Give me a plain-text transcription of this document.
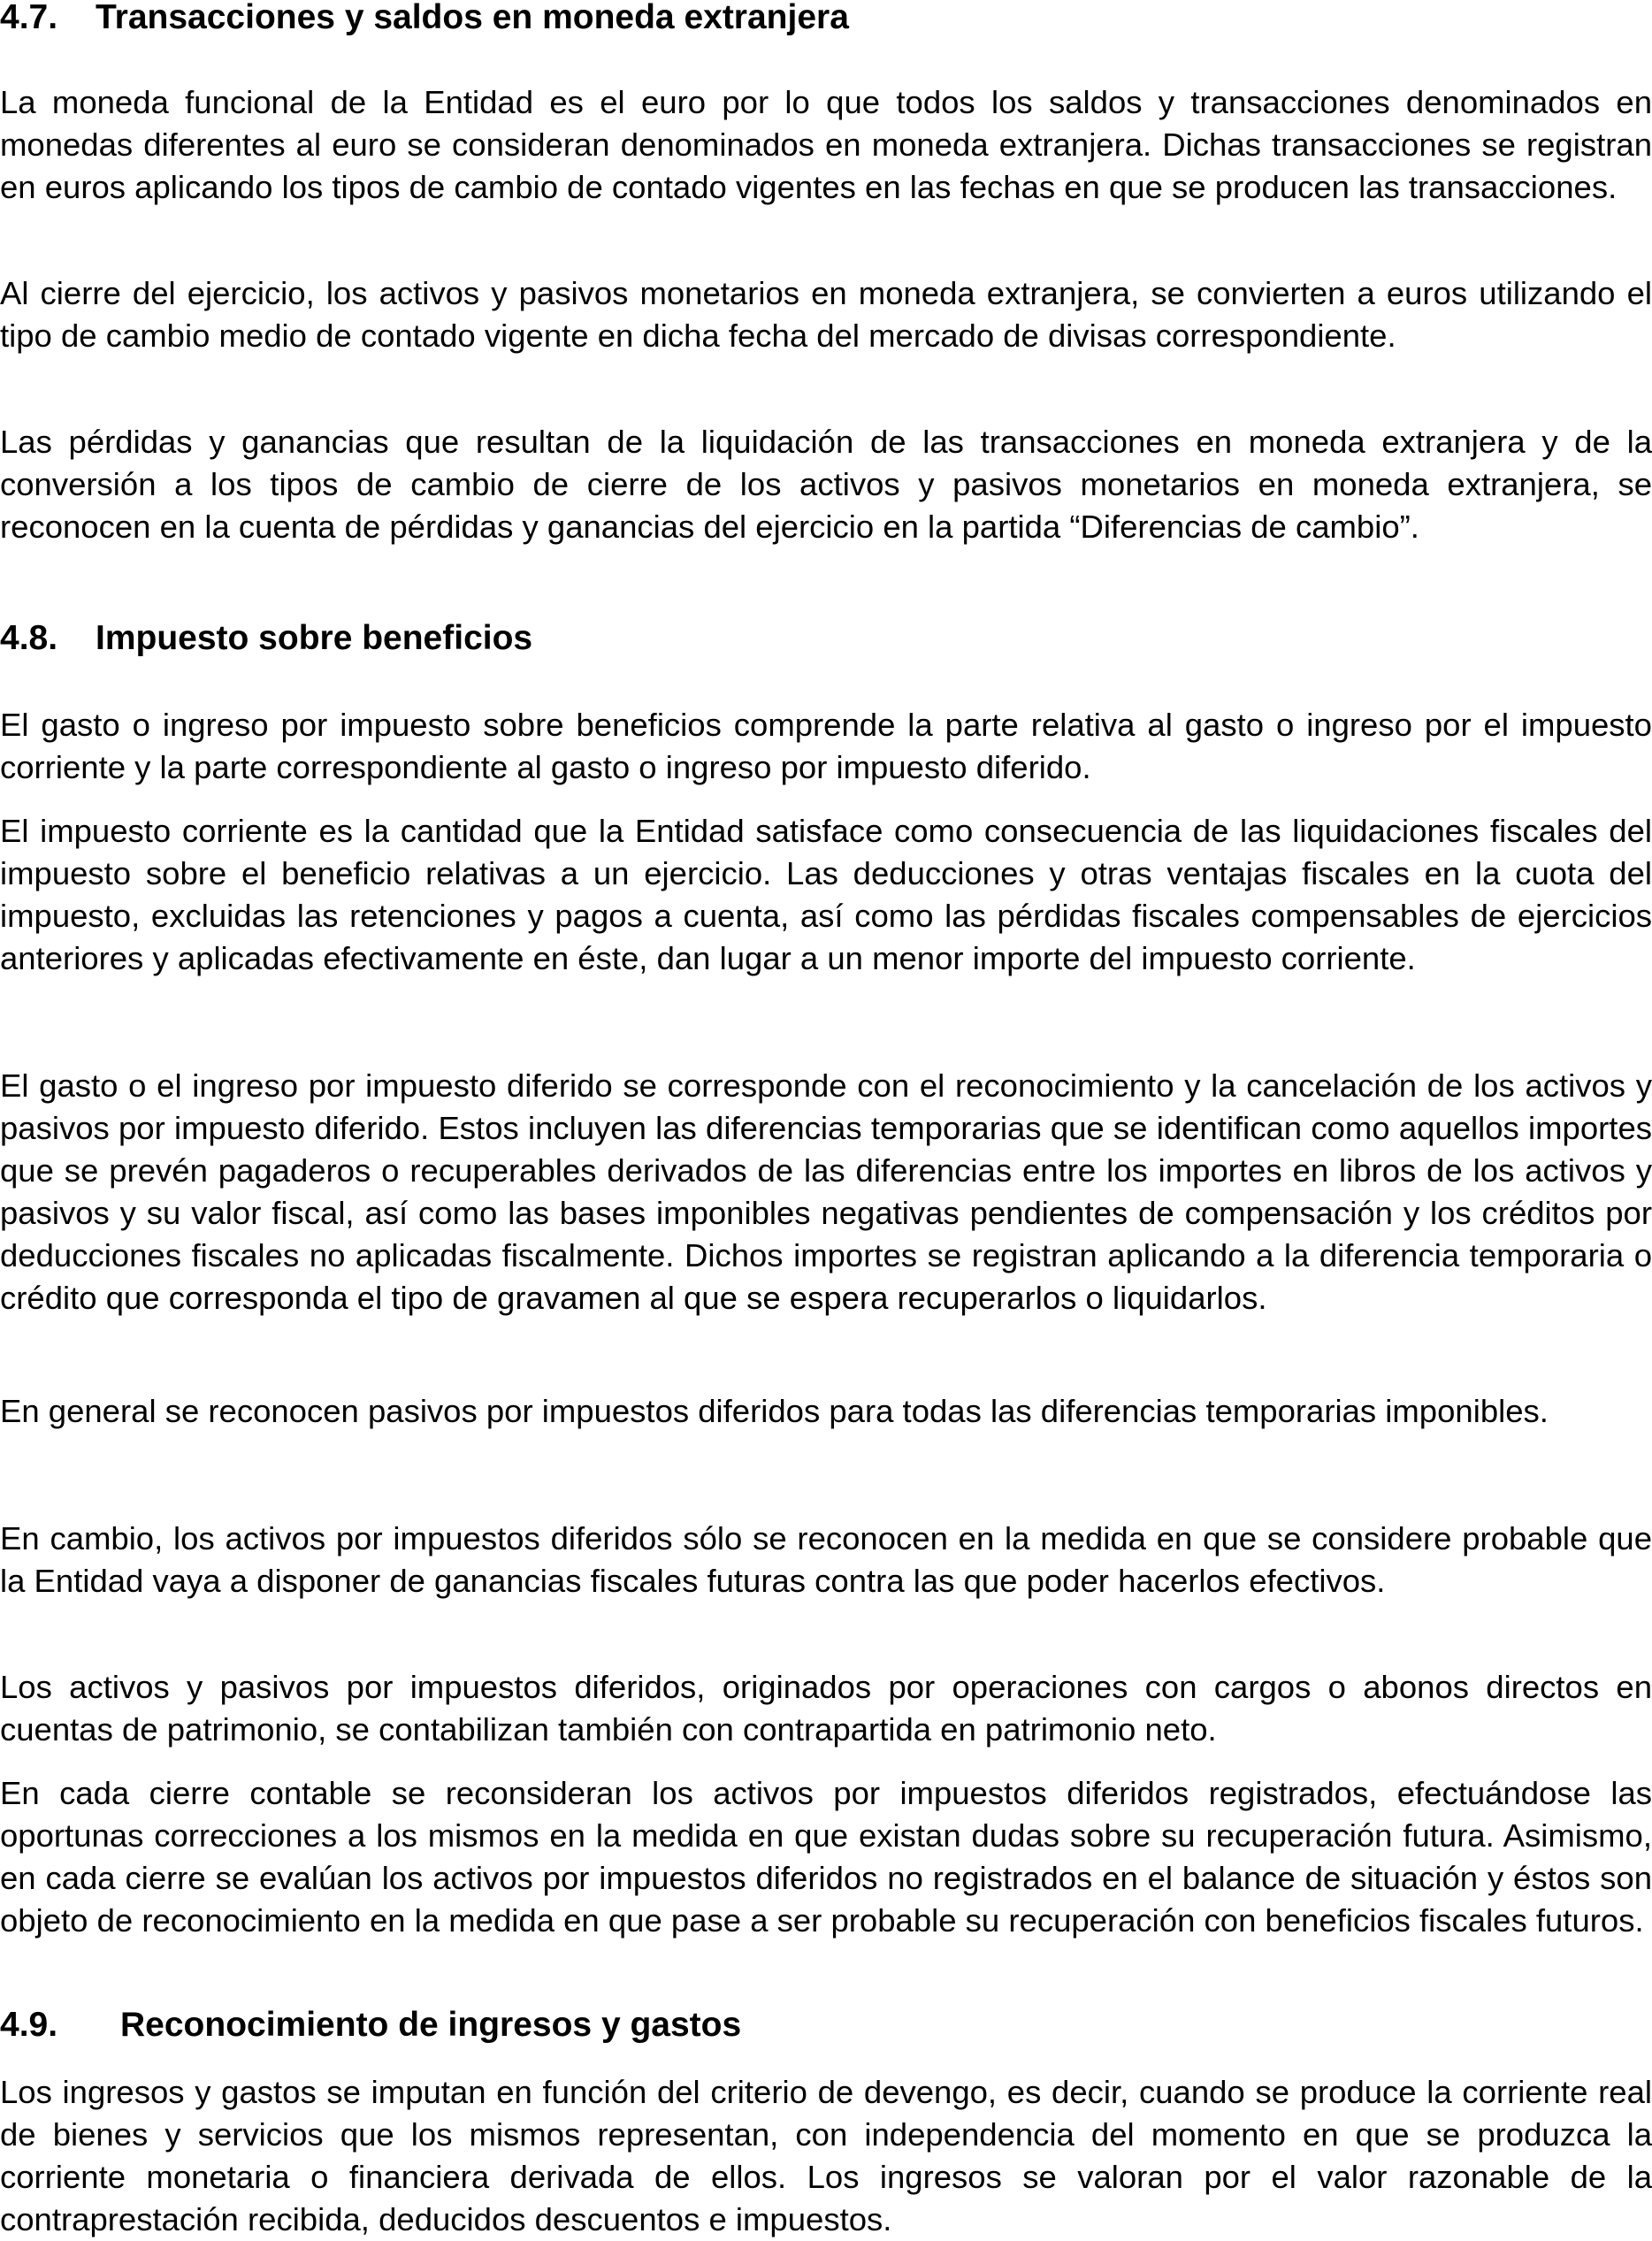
4.7. Transacciones y saldos en moneda extranjera

La moneda funcional de la Entidad es el euro por lo que todos los saldos y transacciones denominados en monedas diferentes al euro se consideran denominados en moneda extranjera. Dichas transacciones se registran en euros aplicando los tipos de cambio de contado vigentes en las fechas en que se producen las transacciones.

Al cierre del ejercicio, los activos y pasivos monetarios en moneda extranjera, se convierten a euros utilizando el tipo de cambio medio de contado vigente en dicha fecha del mercado de divisas correspondiente.

Las pérdidas y ganancias que resultan de la liquidación de las transacciones en moneda extranjera y de la conversión a los tipos de cambio de cierre de los activos y pasivos monetarios en moneda extranjera, se reconocen en la cuenta de pérdidas y ganancias del ejercicio en la partida “Diferencias de cambio”.

4.8. Impuesto sobre beneficios

El gasto o ingreso por impuesto sobre beneficios comprende la parte relativa al gasto o ingreso por el impuesto corriente y la parte correspondiente al gasto o ingreso por impuesto diferido.

El impuesto corriente es la cantidad que la Entidad satisface como consecuencia de las liquidaciones fiscales del impuesto sobre el beneficio relativas a un ejercicio. Las deducciones y otras ventajas fiscales en la cuota del impuesto, excluidas las retenciones y pagos a cuenta, así como las pérdidas fiscales compensables de ejercicios anteriores y aplicadas efectivamente en éste, dan lugar a un menor importe del impuesto corriente.

El gasto o el ingreso por impuesto diferido se corresponde con el reconocimiento y la cancelación de los activos y pasivos por impuesto diferido. Estos incluyen las diferencias temporarias que se identifican como aquellos importes que se prevén pagaderos o recuperables derivados de las diferencias entre los importes en libros de los activos y pasivos y su valor fiscal, así como las bases imponibles negativas pendientes de compensación y los créditos por deducciones fiscales no aplicadas fiscalmente. Dichos importes se registran aplicando a la diferencia temporaria o crédito que corresponda el tipo de gravamen al que se espera recuperarlos o liquidarlos.

En general se reconocen pasivos por impuestos diferidos para todas las diferencias temporarias imponibles.

En cambio, los activos por impuestos diferidos sólo se reconocen en la medida en que se considere probable que la Entidad vaya a disponer de ganancias fiscales futuras contra las que poder hacerlos efectivos.

Los activos y pasivos por impuestos diferidos, originados por operaciones con cargos o abonos directos en cuentas de patrimonio, se contabilizan también con contrapartida en patrimonio neto.

En cada cierre contable se reconsideran los activos por impuestos diferidos registrados, efectuándose las oportunas correcciones a los mismos en la medida en que existan dudas sobre su recuperación futura. Asimismo, en cada cierre se evalúan los activos por impuestos diferidos no registrados en el balance de situación y éstos son objeto de reconocimiento en la medida en que pase a ser probable su recuperación con beneficios fiscales futuros.

4.9. Reconocimiento de ingresos y gastos

Los ingresos y gastos se imputan en función del criterio de devengo, es decir, cuando se produce la corriente real de bienes y servicios que los mismos representan, con independencia del momento en que se produzca la corriente monetaria o financiera derivada de ellos. Los ingresos se valoran por el valor razonable de la contraprestación recibida, deducidos descuentos e impuestos.
